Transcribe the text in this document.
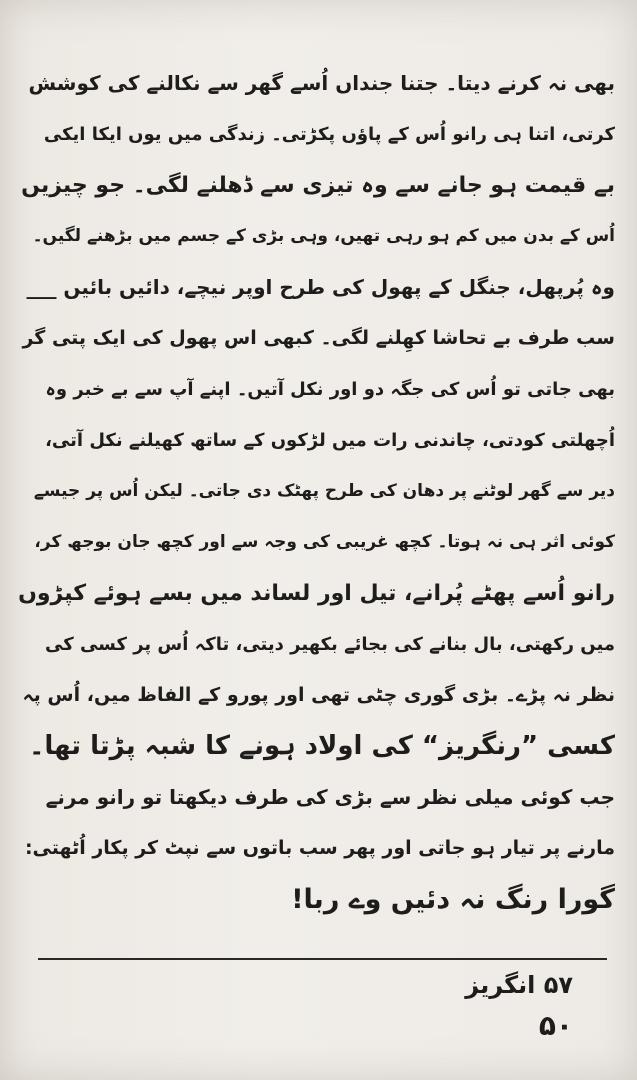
بھی نہ کرنے دیتا۔ جتنا جنداں اُسے گھر سے نکالنے کی کوشش
کرتی، اتنا ہی رانو اُس کے پاؤں پکڑتی۔ زندگی میں یوں ایکا ایکی
بے قیمت ہو جانے سے وہ تیزی سے ڈھلنے لگی۔ جو چیزیں
اُس کے بدن میں کم ہو رہی تھیں، وہی بڑی کے جسم میں بڑھنے لگیں۔
وہ پُرپھل، جنگل کے پھول کی طرح اوپر نیچے، دائیں بائیں ___
سب طرف بے تحاشا کھِلنے لگی۔ کبھی اس پھول کی ایک پتی گر
بھی جاتی تو اُس کی جگہ دو اور نکل آتیں۔ اپنے آپ سے بے خبر وہ
اُچھلتی کودتی، چاندنی رات میں لڑکوں کے ساتھ کھیلنے نکل آتی،
دیر سے گھر لوٹنے پر دھان کی طرح پھٹک دی جاتی۔ لیکن اُس پر جیسے
کوئی اثر ہی نہ ہوتا۔ کچھ غریبی کی وجہ سے اور کچھ جان بوجھ کر،
رانو اُسے پھٹے پُرانے، تیل اور لساند میں بسے ہوئے کپڑوں
میں رکھتی، بال بنانے کی بجائے بکھیر دیتی، تاکہ اُس پر کسی کی
نظر نہ پڑے۔ بڑی گوری چٹی تھی اور پورو کے الفاظ میں، اُس پہ
کسی ”رنگریز“ کی اولاد ہونے کا شبہ پڑتا تھا۔
جب کوئی میلی نظر سے بڑی کی طرف دیکھتا تو رانو مرنے
مارنے پر تیار ہو جاتی اور پھر سب باتوں سے نپٹ کر پکار اُٹھتی:
گورا رنگ نہ دئیں وے ربا!
۵۷ انگریز
۵۰
